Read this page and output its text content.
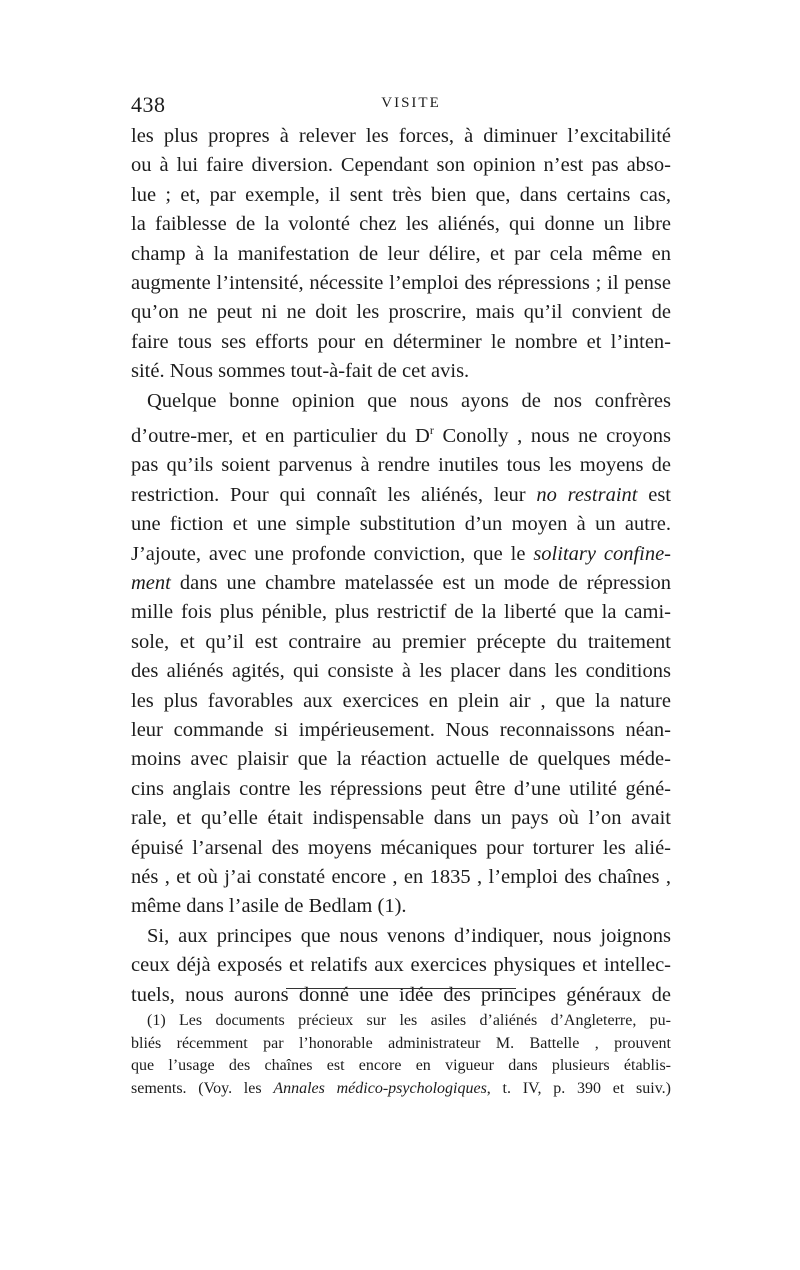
438	VISITE

les plus propres à relever les forces, à diminuer l’excitabilité
ou à lui faire diversion. Cependant son opinion n’est pas abso-
lue ; et, par exemple, il sent très bien que, dans certains cas,
la faiblesse de la volonté chez les aliénés, qui donne un libre
champ à la manifestation de leur délire, et par cela même en
augmente l’intensité, nécessite l’emploi des répressions ; il pense
qu’on ne peut ni ne doit les proscrire, mais qu’il convient de
faire tous ses efforts pour en déterminer le nombre et l’inten-
sité. Nous sommes tout-à-fait de cet avis.

Quelque bonne opinion que nous ayons de nos confrères
d’outre-mer, et en particulier du $D^r$ Conolly , nous ne croyons
pas qu’ils soient parvenus à rendre inutiles tous les moyens de
restriction. Pour qui connaît les aliénés, leur no restraint est
une fiction et une simple substitution d’un moyen à un autre.
J’ajoute, avec une profonde conviction, que le solitary confine-
ment dans une chambre matelassée est un mode de répression
mille fois plus pénible, plus restrictif de la liberté que la cami-
sole, et qu’il est contraire au premier précepte du traitement
des aliénés agités, qui consiste à les placer dans les conditions
les plus favorables aux exercices en plein air , que la nature
leur commande si impérieusement. Nous reconnaissons néan-
moins avec plaisir que la réaction actuelle de quelques méde-
cins anglais contre les répressions peut être d’une utilité géné-
rale, et qu’elle était indispensable dans un pays où l’on avait
épuisé l’arsenal des moyens mécaniques pour torturer les alié-
nés , et où j’ai constaté encore , en 1835 , l’emploi des chaînes ,
même dans l’asile de Bedlam (1).

Si, aux principes que nous venons d’indiquer, nous joignons
ceux déjà exposés et relatifs aux exercices physiques et intellec-
tuels, nous aurons donné une idée des principes généraux de

(1) Les documents précieux sur les asiles d’aliénés d’Angleterre, pu-
bliés récemment par l’honorable administrateur M. Battelle , prouvent
que l’usage des chaînes est encore en vigueur dans plusieurs établis-
sements. (Voy. les Annales médico-psychologiques, t. IV, p. 390 et suiv.)
